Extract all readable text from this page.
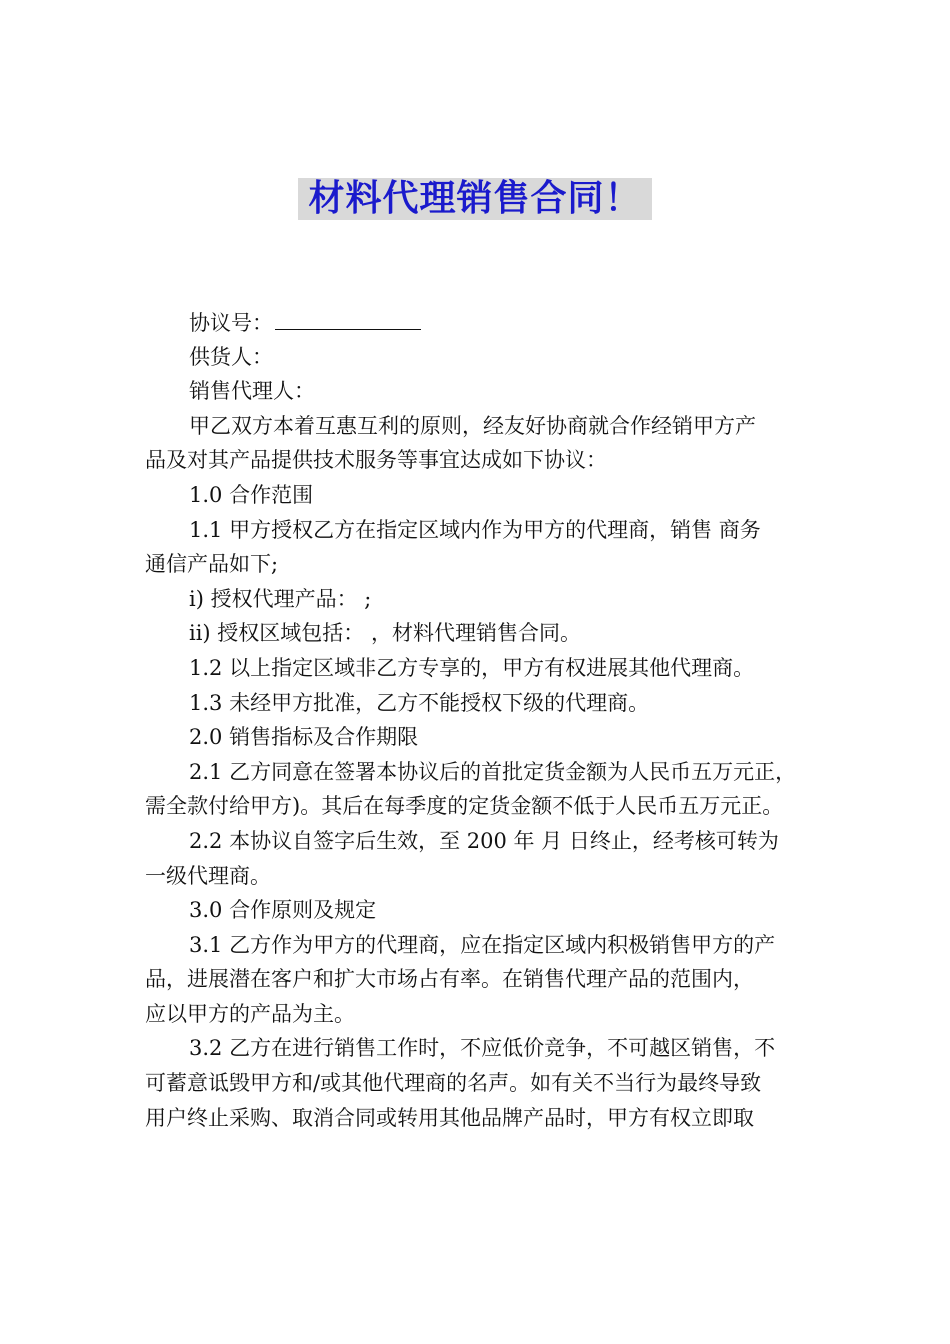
材料代理销售合同！
协议号：
供货人：
销售代理人：
甲乙双方本着互惠互利的原则，经友好协商就合作经销甲方产
品及对其产品提供技术服务等事宜达成如下协议：
1.0 合作范围
1.1 甲方授权乙方在指定区域内作为甲方的代理商，销售 商务
通信产品如下;
i) 授权代理产品： ;
ii) 授权区域包括： ，材料代理销售合同。
1.2 以上指定区域非乙方专享的，甲方有权进展其他代理商。
1.3 未经甲方批准，乙方不能授权下级的代理商。
2.0 销售指标及合作期限
2.1 乙方同意在签署本协议后的首批定货金额为人民币五万元正，
需全款付给甲方)。其后在每季度的定货金额不低于人民币五万元正。
2.2 本协议自签字后生效，至 200 年 月 日终止，经考核可转为
一级代理商。
3.0 合作原则及规定
3.1 乙方作为甲方的代理商，应在指定区域内积极销售甲方的产
品，进展潜在客户和扩大市场占有率。在销售代理产品的范围内，
应以甲方的产品为主。
3.2 乙方在进行销售工作时，不应低价竞争，不可越区销售，不
可蓄意诋毁甲方和/或其他代理商的名声。如有关不当行为最终导致
用户终止采购、取消合同或转用其他品牌产品时，甲方有权立即取
